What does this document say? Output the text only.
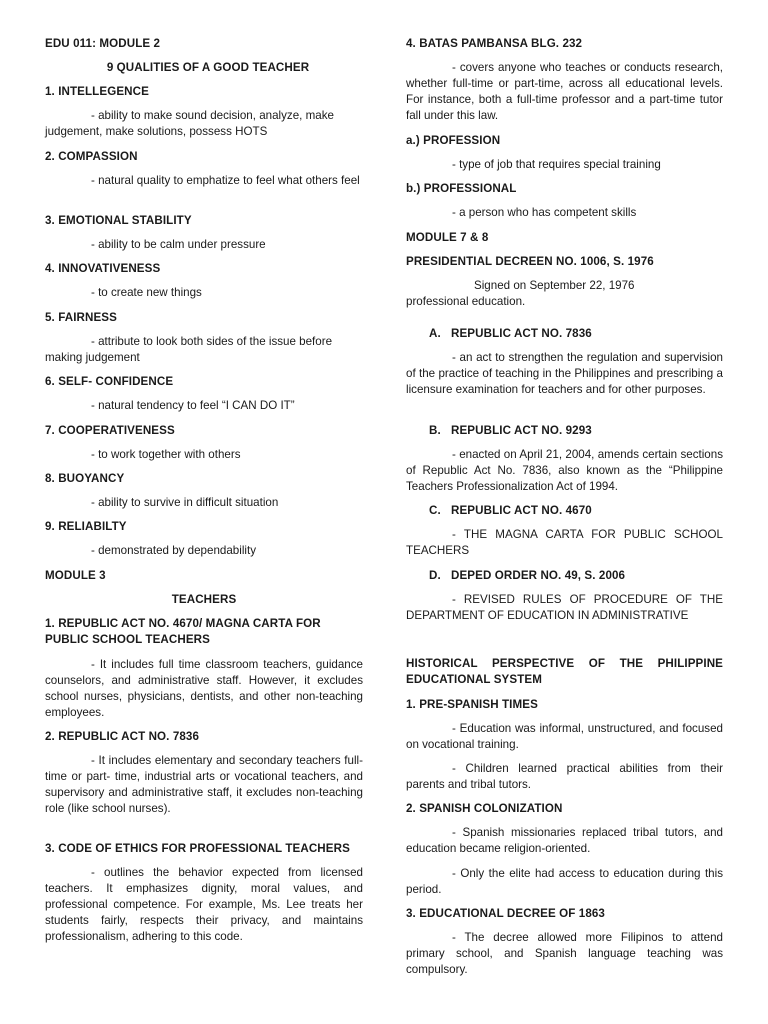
EDU 011: MODULE 2

9 QUALITIES OF A GOOD TEACHER

1. INTELLEGENCE

- ability to make sound decision, analyze, make judgement, make solutions, possess HOTS

2. COMPASSION

- natural quality to emphatize to feel what others feel

3. EMOTIONAL STABILITY

- ability to be calm under pressure

4. INNOVATIVENESS

- to create new things

5. FAIRNESS

- attribute to look both sides of the issue before making judgement

6. SELF- CONFIDENCE

- natural tendency to feel “I CAN DO IT”

7. COOPERATIVENESS

- to work together with others

8. BUOYANCY

- ability to survive in difficult situation

9. RELIABILTY

- demonstrated by dependability

MODULE 3

TEACHERS

1. REPUBLIC ACT NO. 4670/ MAGNA CARTA FOR PUBLIC SCHOOL TEACHERS

- It includes full time classroom teachers, guidance counselors, and administrative staff. However, it excludes school nurses, physicians, dentists, and other non-teaching employees.

2. REPUBLIC ACT NO. 7836

- It includes elementary and secondary teachers full- time or part- time, industrial arts or vocational teachers, and supervisory and administrative staff, it excludes non-teaching role (like school nurses).

3. CODE OF ETHICS FOR PROFESSIONAL TEACHERS

- outlines the behavior expected from licensed teachers. It emphasizes dignity, moral values, and professional competence. For example, Ms. Lee treats her students fairly, respects their privacy, and maintains professionalism, adhering to this code.

4. BATAS PAMBANSA BLG. 232

- covers anyone who teaches or conducts research, whether full-time or part-time, across all educational levels. For instance, both a full-time professor and a part-time tutor fall under this law.

a.) PROFESSION

- type of job that requires special training

b.) PROFESSIONAL

- a person who has competent skills

MODULE 7 & 8

PRESIDENTIAL DECREEN NO. 1006, S. 1976

Signed on September 22, 1976 professional education.

A. REPUBLIC ACT NO. 7836

- an act to strengthen the regulation and supervision of the practice of teaching in the Philippines and prescribing a licensure examination for teachers and for other purposes.

B. REPUBLIC ACT NO. 9293

- enacted on April 21, 2004, amends certain sections of Republic Act No. 7836, also known as the “Philippine Teachers Professionalization Act of 1994.

C. REPUBLIC ACT NO. 4670

- THE MAGNA CARTA FOR PUBLIC SCHOOL TEACHERS

D. DEPED ORDER NO. 49, S. 2006

- REVISED RULES OF PROCEDURE OF THE DEPARTMENT OF EDUCATION IN ADMINISTRATIVE

HISTORICAL PERSPECTIVE OF THE PHILIPPINE EDUCATIONAL SYSTEM

1. PRE-SPANISH TIMES

- Education was informal, unstructured, and focused on vocational training.

- Children learned practical abilities from their parents and tribal tutors.

2. SPANISH COLONIZATION

- Spanish missionaries replaced tribal tutors, and education became religion-oriented.

- Only the elite had access to education during this period.

3. EDUCATIONAL DECREE OF 1863

- The decree allowed more Filipinos to attend primary school, and Spanish language teaching was compulsory.
